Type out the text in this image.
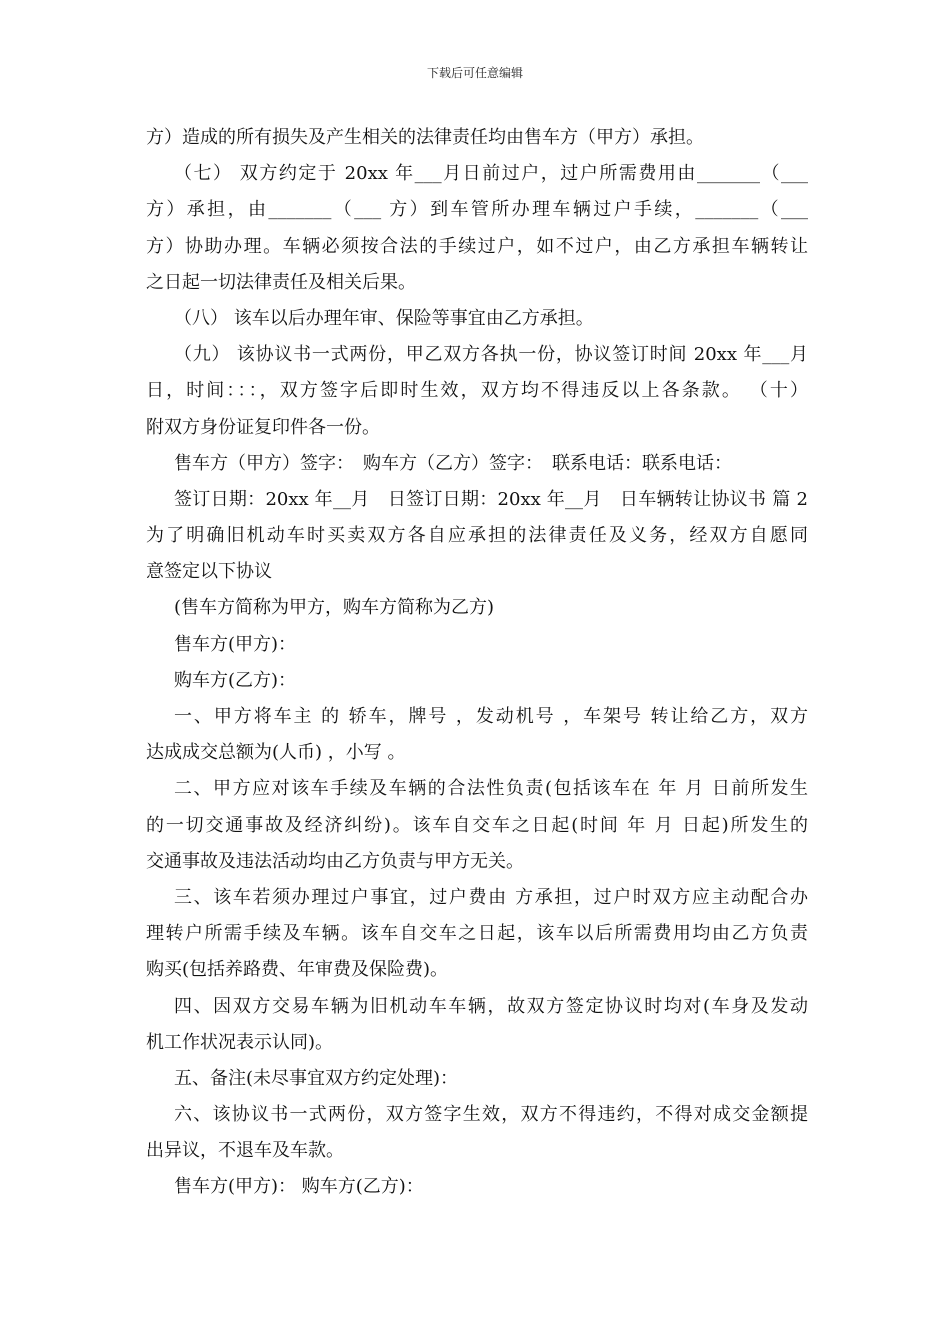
下载后可任意编辑
方）造成的所有损失及产生相关的法律责任均由售车方（甲方）承担。
（七） 双方约定于 20xx 年___月日前过户，过户所需费用由_______（___
方）承担，由_______（___ 方）到车管所办理车辆过户手续，_______（___
方）协助办理。车辆必须按合法的手续过户，如不过户，由乙方承担车辆转让
之日起一切法律责任及相关后果。
（八） 该车以后办理年审、保险等事宜由乙方承担。
（九） 该协议书一式两份，甲乙双方各执一份，协议签订时间 20xx 年___月
日，时间：：：，双方签字后即时生效，双方均不得违反以上各条款。 （十）
附双方身份证复印件各一份。
售车方（甲方）签字：　购车方（乙方）签字：　联系电话：联系电话：
签订日期：20xx 年__月　日签订日期：20xx 年__月　日车辆转让协议书 篇 2
为了明确旧机动车时买卖双方各自应承担的法律责任及义务，经双方自愿同
意签定以下协议
(售车方简称为甲方，购车方简称为乙方)
售车方(甲方)：
购车方(乙方)：
一、甲方将车主 的 轿车，牌号 ，发动机号 ，车架号 转让给乙方，双方
达成成交总额为(人币) ，小写 。
二、甲方应对该车手续及车辆的合法性负责(包括该车在 年 月 日前所发生
的一切交通事故及经济纠纷)。该车自交车之日起(时间 年 月 日起)所发生的
交通事故及违法活动均由乙方负责与甲方无关。
三、该车若须办理过户事宜，过户费由 方承担，过户时双方应主动配合办
理转户所需手续及车辆。该车自交车之日起，该车以后所需费用均由乙方负责
购买(包括养路费、年审费及保险费)。
四、因双方交易车辆为旧机动车车辆，故双方签定协议时均对(车身及发动
机工作状况表示认同)。
五、备注(未尽事宜双方约定处理)：
六、该协议书一式两份，双方签字生效，双方不得违约，不得对成交金额提
出异议，不退车及车款。
售车方(甲方)： 购车方(乙方)：
